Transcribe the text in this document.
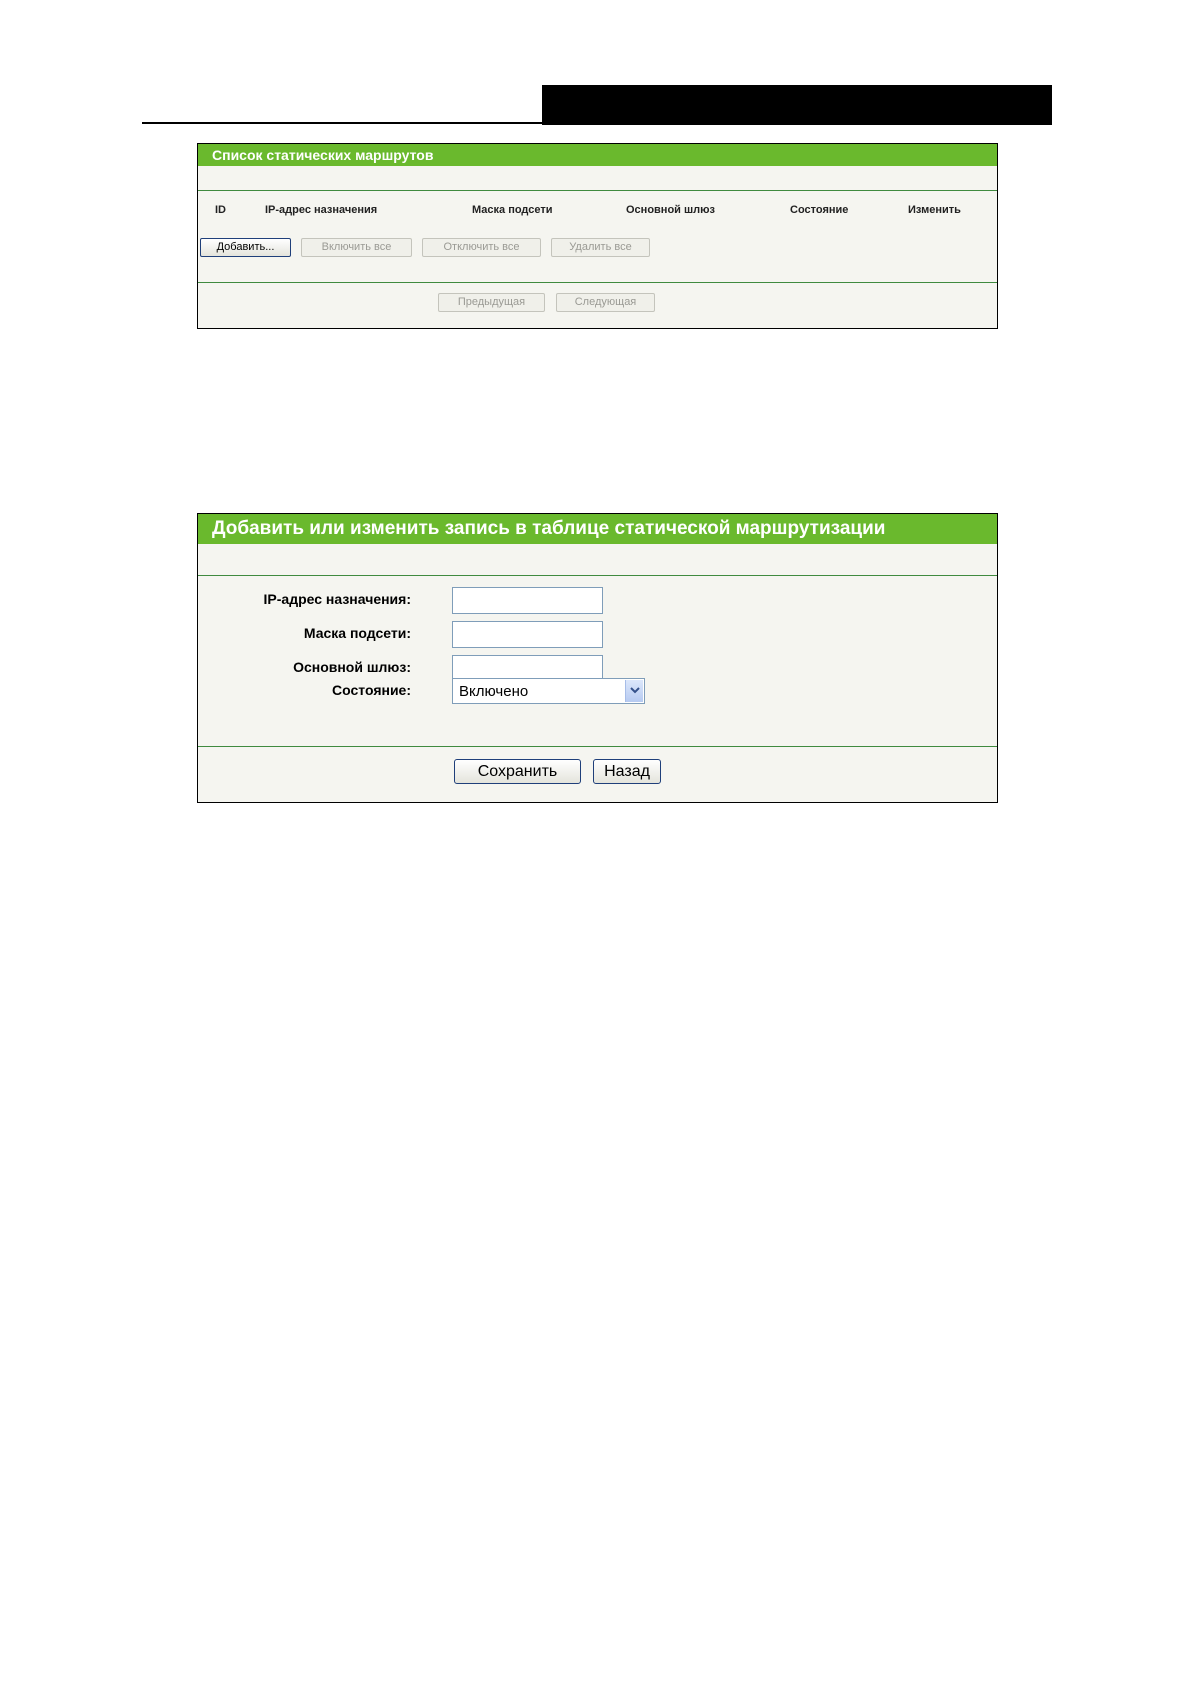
Список статических маршрутов
ID	IP-адрес назначения	Маска подсети	Основной шлюз	Состояние	Изменить
Добавить...	Включить все	Отключить все	Удалить все
Предыдущая	Следующая
Добавить или изменить запись в таблице статической маршрутизации
IP-адрес назначения:
Маска подсети:
Основной шлюз:
Состояние:	Включено
Сохранить	Назад
